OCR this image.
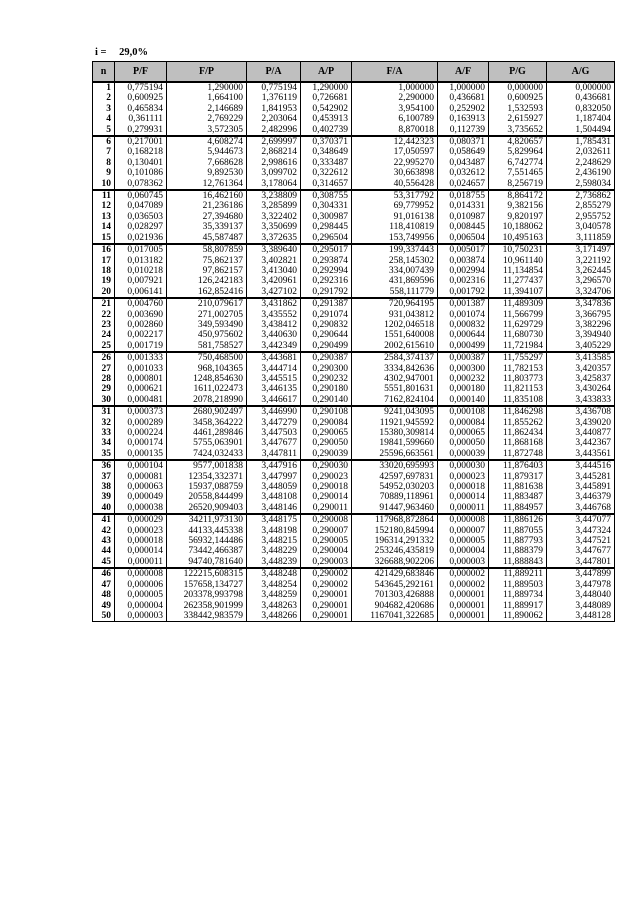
i = 29,0%
n	P/F	F/P	P/A	A/P	F/A	A/F	P/G	A/G
1	0,775194	1,290000	0,775194	1,290000	1,000000	1,000000	0,000000	0,000000
2	0,600925	1,664100	1,376119	0,726681	2,290000	0,436681	0,600925	0,436681
3	0,465834	2,146689	1,841953	0,542902	3,954100	0,252902	1,532593	0,832050
4	0,361111	2,769229	2,203064	0,453913	6,100789	0,163913	2,615927	1,187404
5	0,279931	3,572305	2,482996	0,402739	8,870018	0,112739	3,735652	1,504494
6	0,217001	4,608274	2,699997	0,370371	12,442323	0,080371	4,820657	1,785431
7	0,168218	5,944673	2,868214	0,348649	17,050597	0,058649	5,829964	2,032611
8	0,130401	7,668628	2,998616	0,333487	22,995270	0,043487	6,742774	2,248629
9	0,101086	9,892530	3,099702	0,322612	30,663898	0,032612	7,551465	2,436190
10	0,078362	12,761364	3,178064	0,314657	40,556428	0,024657	8,256719	2,598034
11	0,060745	16,462160	3,238809	0,308755	53,317792	0,018755	8,864172	2,736862
12	0,047089	21,236186	3,285899	0,304331	69,779952	0,014331	9,382156	2,855279
13	0,036503	27,394680	3,322402	0,300987	91,016138	0,010987	9,820197	2,955752
14	0,028297	35,339137	3,350699	0,298445	118,410819	0,008445	10,188062	3,040578
15	0,021936	45,587487	3,372635	0,296504	153,749956	0,006504	10,495163	3,111859
16	0,017005	58,807859	3,389640	0,295017	199,337443	0,005017	10,750231	3,171497
17	0,013182	75,862137	3,402821	0,293874	258,145302	0,003874	10,961140	3,221192
18	0,010218	97,862157	3,413040	0,292994	334,007439	0,002994	11,134854	3,262445
19	0,007921	126,242183	3,420961	0,292316	431,869596	0,002316	11,277437	3,296570
20	0,006141	162,852416	3,427102	0,291792	558,111779	0,001792	11,394107	3,324706
21	0,004760	210,079617	3,431862	0,291387	720,964195	0,001387	11,489309	3,347836
22	0,003690	271,002705	3,435552	0,291074	931,043812	0,001074	11,566799	3,366795
23	0,002860	349,593490	3,438412	0,290832	1202,046518	0,000832	11,629729	3,382296
24	0,002217	450,975602	3,440630	0,290644	1551,640008	0,000644	11,680730	3,394940
25	0,001719	581,758527	3,442349	0,290499	2002,615610	0,000499	11,721984	3,405229
26	0,001333	750,468500	3,443681	0,290387	2584,374137	0,000387	11,755297	3,413585
27	0,001033	968,104365	3,444714	0,290300	3334,842636	0,000300	11,782153	3,420357
28	0,000801	1248,854630	3,445515	0,290232	4302,947001	0,000232	11,803773	3,425837
29	0,000621	1611,022473	3,446135	0,290180	5551,801631	0,000180	11,821153	3,430264
30	0,000481	2078,218990	3,446617	0,290140	7162,824104	0,000140	11,835108	3,433833
31	0,000373	2680,902497	3,446990	0,290108	9241,043095	0,000108	11,846298	3,436708
32	0,000289	3458,364222	3,447279	0,290084	11921,945592	0,000084	11,855262	3,439020
33	0,000224	4461,289846	3,447503	0,290065	15380,309814	0,000065	11,862434	3,440877
34	0,000174	5755,063901	3,447677	0,290050	19841,599660	0,000050	11,868168	3,442367
35	0,000135	7424,032433	3,447811	0,290039	25596,663561	0,000039	11,872748	3,443561
36	0,000104	9577,001838	3,447916	0,290030	33020,695993	0,000030	11,876403	3,444516
37	0,000081	12354,332371	3,447997	0,290023	42597,697831	0,000023	11,879317	3,445281
38	0,000063	15937,088759	3,448059	0,290018	54952,030203	0,000018	11,881638	3,445891
39	0,000049	20558,844499	3,448108	0,290014	70889,118961	0,000014	11,883487	3,446379
40	0,000038	26520,909403	3,448146	0,290011	91447,963460	0,000011	11,884957	3,446768
41	0,000029	34211,973130	3,448175	0,290008	117968,872864	0,000008	11,886126	3,447077
42	0,000023	44133,445338	3,448198	0,290007	152180,845994	0,000007	11,887055	3,447324
43	0,000018	56932,144486	3,448215	0,290005	196314,291332	0,000005	11,887793	3,447521
44	0,000014	73442,466387	3,448229	0,290004	253246,435819	0,000004	11,888379	3,447677
45	0,000011	94740,781640	3,448239	0,290003	326688,902206	0,000003	11,888843	3,447801
46	0,000008	122215,608315	3,448248	0,290002	421429,683846	0,000002	11,889211	3,447899
47	0,000006	157658,134727	3,448254	0,290002	543645,292161	0,000002	11,889503	3,447978
48	0,000005	203378,993798	3,448259	0,290001	701303,426888	0,000001	11,889734	3,448040
49	0,000004	262358,901999	3,448263	0,290001	904682,420686	0,000001	11,889917	3,448089
50	0,000003	338442,983579	3,448266	0,290001	1167041,322685	0,000001	11,890062	3,448128
